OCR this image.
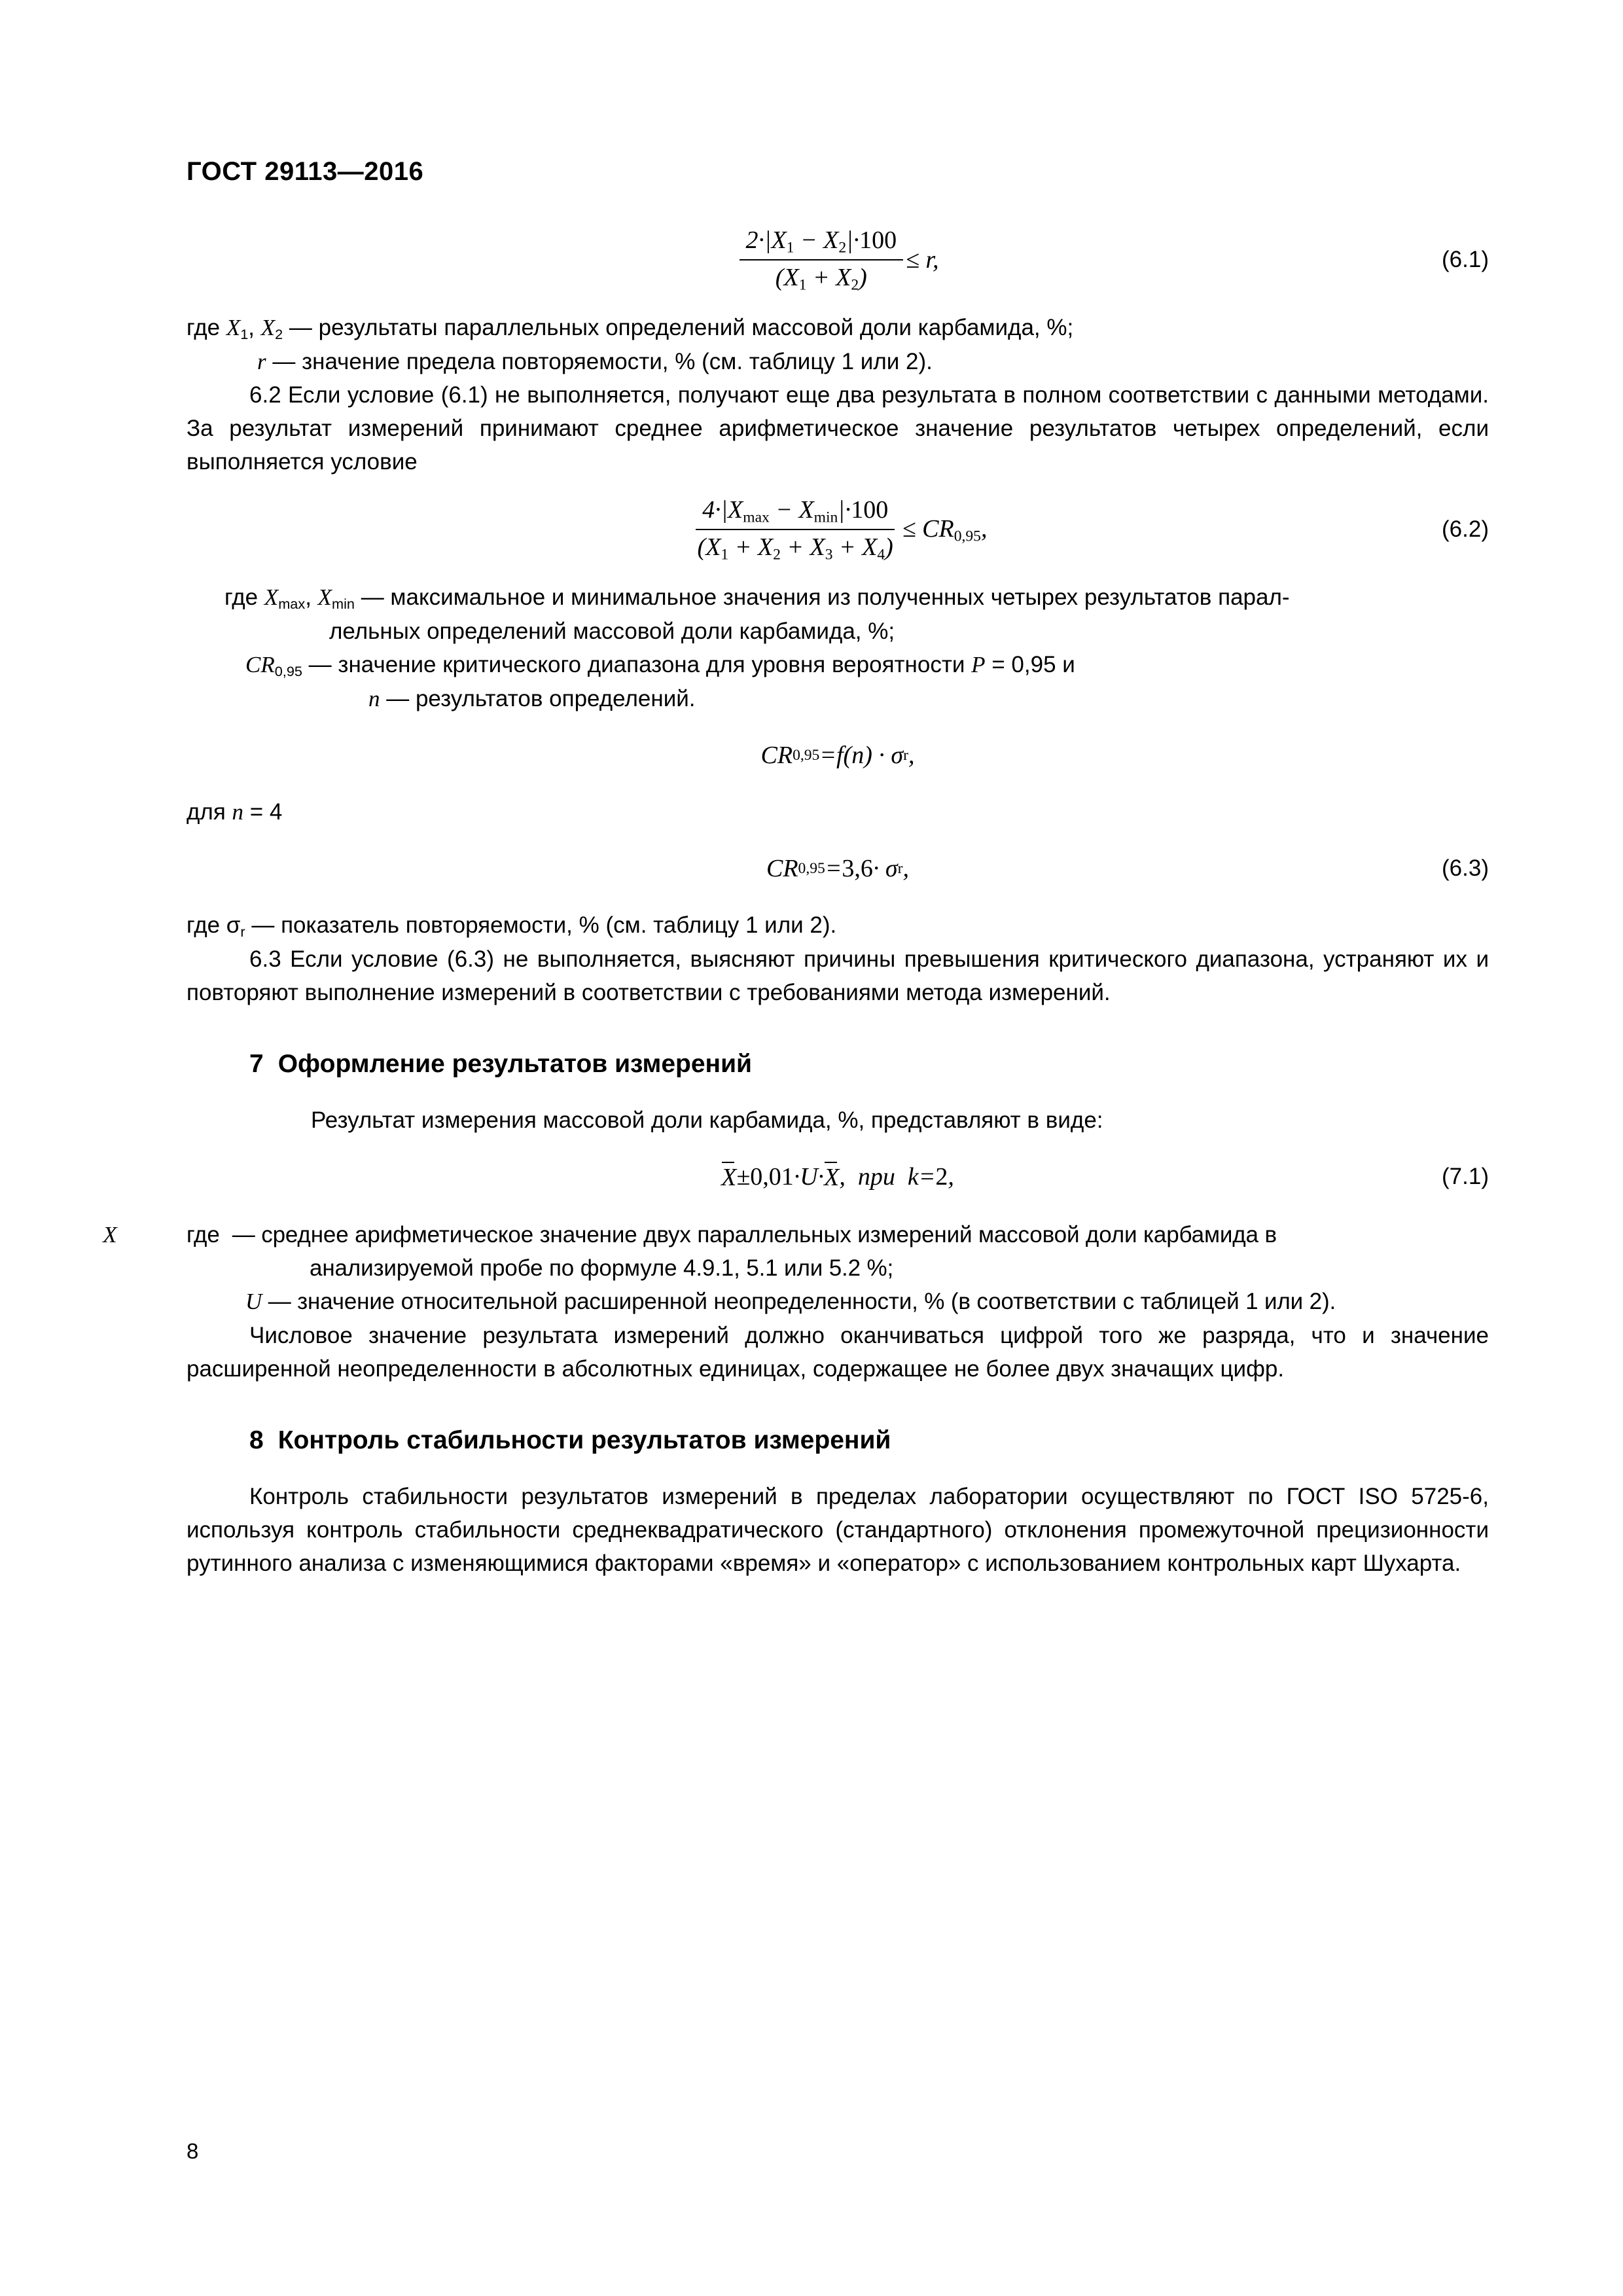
ГОСТ 29113—2016
$\frac{2\cdot|X_1 - X_2|\cdot 100}{(X_1 + X_2)} \le r$,	(6.1)

где $X_1$, $X_2$ — результаты параллельных определений массовой доли карбамида, %;

r — значение предела повторяемости, % (см. таблицу 1 или 2).

6.2 Если условие (6.1) не выполняется, получают еще два результата в полном соответствии с данными методами. За результат измерений принимают среднее арифметическое значение результатов четырех определений, если выполняется условие

$\frac{4\cdot|X_{max} - X_{min}|\cdot 100}{(X_1 + X_2 + X_3 + X_4)} \le CR_{0,95}$,	(6.2)

где $X_{max}$, $X_{min}$ — максимальное и минимальное значения из полученных четырех результатов парал-
лельных определений массовой доли карбамида, %;

$CR_{0,95}$ — значение критического диапазона для уровня вероятности P = 0,95 и

n — результатов определений.

CR 0,95 = f ( n ) · σ r ,

для n = 4

CR 0,95 = 3,6 · σ r ,	(6.3)

где $\sigma_r$ — показатель повторяемости, % (см. таблицу 1 или 2).

6.3 Если условие (6.3) не выполняется, выясняют причины превышения критического диапазона, устраняют их и повторяют выполнение измерений в соответствии с требованиями метода измерений.

7 Оформление результатов измерений

Результат измерения массовой доли карбамида, %, представляют в виде:

X ± 0,01 · U · X ,  при k = 2 ,	(7.1)

где X	— среднее арифметическое значение двух параллельных измерений массовой доли карбамида в
анализируемой пробе по формуле 4.9.1, 5.1 или 5.2 %;

U — значение относительной расширенной неопределенности, % (в соответствии с таблицей 1 или 2).

Числовое значение результата измерений должно оканчиваться цифрой того же разряда, что и значение расширенной неопределенности в абсолютных единицах, содержащее не более двух значащих цифр.

8 Контроль стабильности результатов измерений

Контроль стабильности результатов измерений в пределах лаборатории осуществляют по ГОСТ ISO 5725-6, используя контроль стабильности среднеквадратического (стандартного) отклонения промежуточной прецизионности рутинного анализа с изменяющимися факторами «время» и «оператор» с использованием контрольных карт Шухарта.

8
